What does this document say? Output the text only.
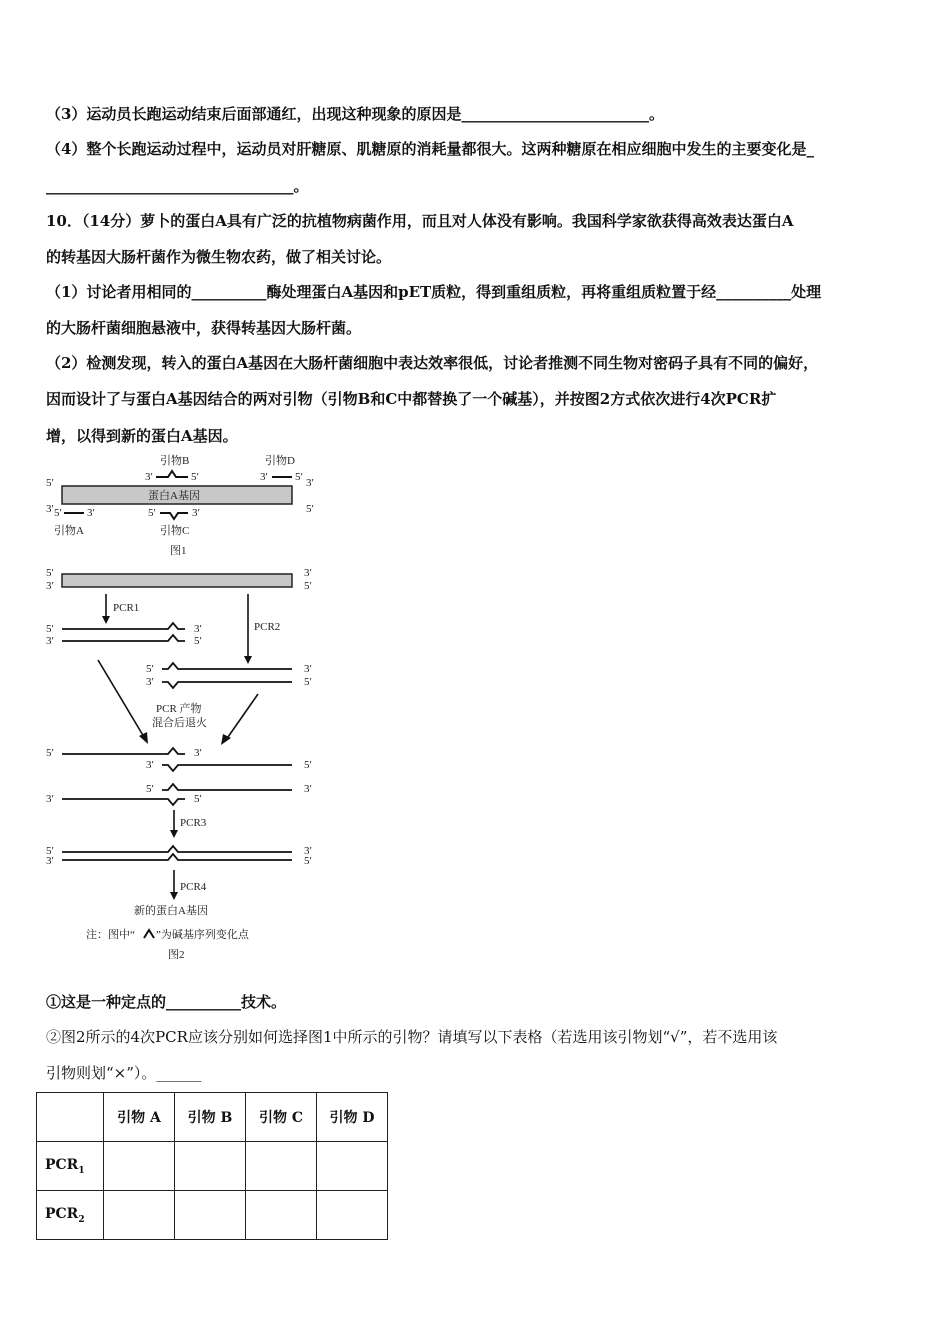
（3）运动员长跑运动结束后面部通红，出现这种现象的原因是_________________________。
（4）整个长跑运动过程中，运动员对肝糖原、肌糖原的消耗量都很大。这两种糖原在相应细胞中发生的主要变化是_
_________________________________。
10．（14分）萝卜的蛋白A具有广泛的抗植物病菌作用，而且对人体没有影响。我国科学家欲获得高效表达蛋白A
的转基因大肠杆菌作为微生物农药，做了相关讨论。
（1）讨论者用相同的__________酶处理蛋白A基因和pET质粒，得到重组质粒，再将重组质粒置于经__________处理
的大肠杆菌细胞悬液中，获得转基因大肠杆菌。
（2）检测发现，转入的蛋白A基因在大肠杆菌细胞中表达效率很低，讨论者推测不同生物对密码子具有不同的偏好，
因而设计了与蛋白A基因结合的两对引物（引物B和C中都替换了一个碱基），并按图2方式依次进行4次PCR扩
增，以得到新的蛋白A基因。
①这是一种定点的__________技术。
②图2所示的4次PCR应该分别如何选择图1中所示的引物？请填写以下表格（若选用该引物划“√”，若不选用该
引物则划“×”）。______
引物B	引物D
3′	5′	3′ 5′
5′	3′
蛋白A基因
3′	5′
5′ 3′	5′	3′
引物A	引物C
图1
5′	3′
3′	5′
PCR1
PCR2
5′	3′
3′	5′
5′	3′
3′	5′
PCR 产物
混合后退火
5′	3′
3′	5′
5′	3′
3′	5′
PCR3
5′	3′
3′	5′
PCR4
新的蛋白A基因
注：图中“ ”为碱基序列变化点
图2
	引物 A	引物 B	引物 C	引物 D
$PCR_1$				
$PCR_2$				
